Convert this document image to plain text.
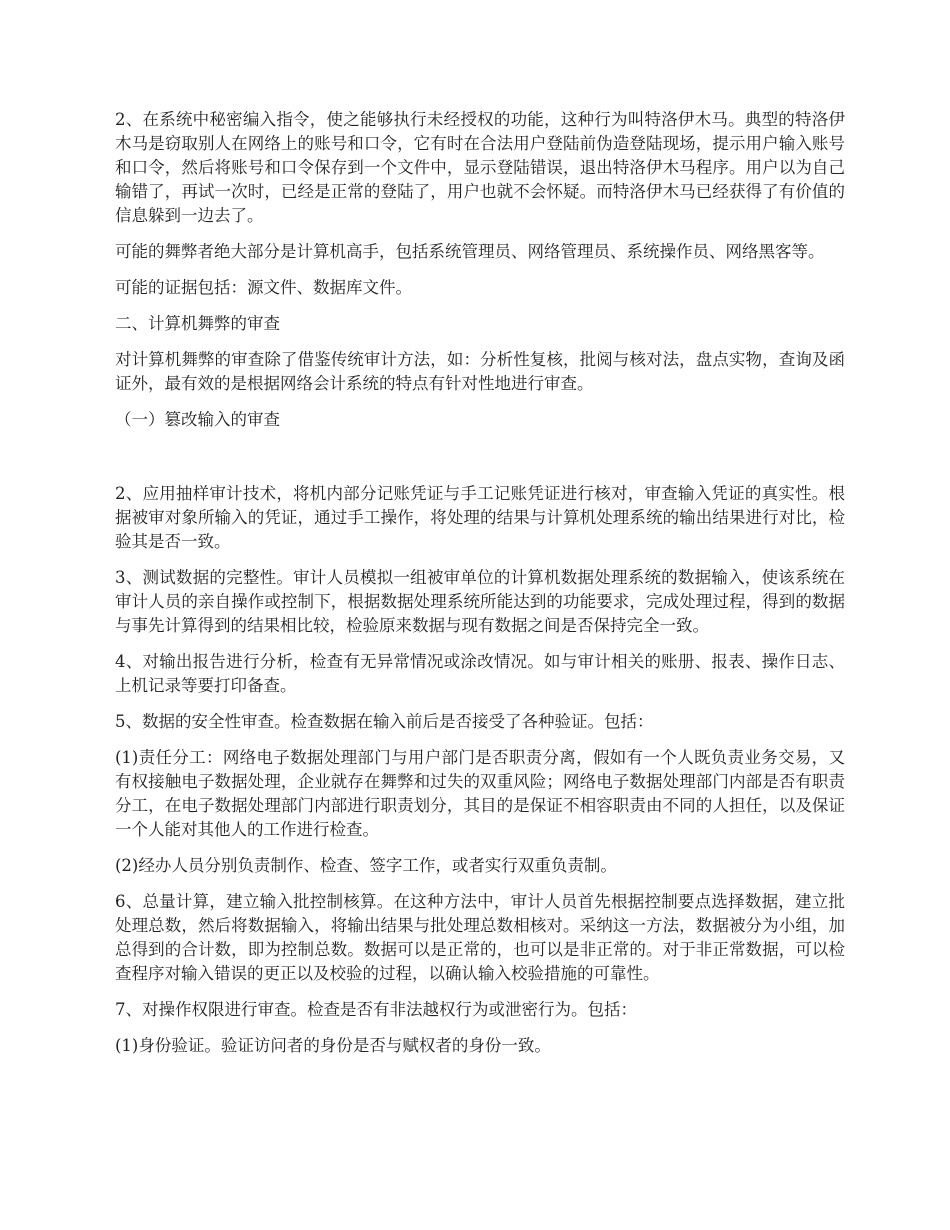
2、在系统中秘密编入指令，使之能够执行未经授权的功能，这种行为叫特洛伊木马。典型的特洛伊木马是窃取别人在网络上的账号和口令，它有时在合法用户登陆前伪造登陆现场，提示用户输入账号和口令，然后将账号和口令保存到一个文件中，显示登陆错误，退出特洛伊木马程序。用户以为自己输错了，再试一次时，已经是正常的登陆了，用户也就不会怀疑。而特洛伊木马已经获得了有价值的信息躲到一边去了。

可能的舞弊者绝大部分是计算机高手，包括系统管理员、网络管理员、系统操作员、网络黑客等。

可能的证据包括：源文件、数据库文件。

二、计算机舞弊的审查

对计算机舞弊的审查除了借鉴传统审计方法，如：分析性复核，批阅与核对法，盘点实物，查询及函证外，最有效的是根据网络会计系统的特点有针对性地进行审查。

（一）篡改输入的审查

2、应用抽样审计技术，将机内部分记账凭证与手工记账凭证进行核对，审查输入凭证的真实性。根据被审对象所输入的凭证，通过手工操作，将处理的结果与计算机处理系统的输出结果进行对比，检验其是否一致。

3、测试数据的完整性。审计人员模拟一组被审单位的计算机数据处理系统的数据输入，使该系统在审计人员的亲自操作或控制下，根据数据处理系统所能达到的功能要求，完成处理过程，得到的数据与事先计算得到的结果相比较，检验原来数据与现有数据之间是否保持完全一致。

4、对输出报告进行分析，检查有无异常情况或涂改情况。如与审计相关的账册、报表、操作日志、上机记录等要打印备查。

5、数据的安全性审查。检查数据在输入前后是否接受了各种验证。包括：

(1)责任分工：网络电子数据处理部门与用户部门是否职责分离，假如有一个人既负责业务交易，又有权接触电子数据处理，企业就存在舞弊和过失的双重风险；网络电子数据处理部门内部是否有职责分工，在电子数据处理部门内部进行职责划分，其目的是保证不相容职责由不同的人担任，以及保证一个人能对其他人的工作进行检查。

(2)经办人员分别负责制作、检查、签字工作，或者实行双重负责制。

6、总量计算，建立输入批控制核算。在这种方法中，审计人员首先根据控制要点选择数据，建立批处理总数，然后将数据输入，将输出结果与批处理总数相核对。采纳这一方法，数据被分为小组，加总得到的合计数，即为控制总数。数据可以是正常的，也可以是非正常的。对于非正常数据，可以检查程序对输入错误的更正以及校验的过程，以确认输入校验措施的可靠性。

7、对操作权限进行审查。检查是否有非法越权行为或泄密行为。包括：

(1)身份验证。验证访问者的身份是否与赋权者的身份一致。
